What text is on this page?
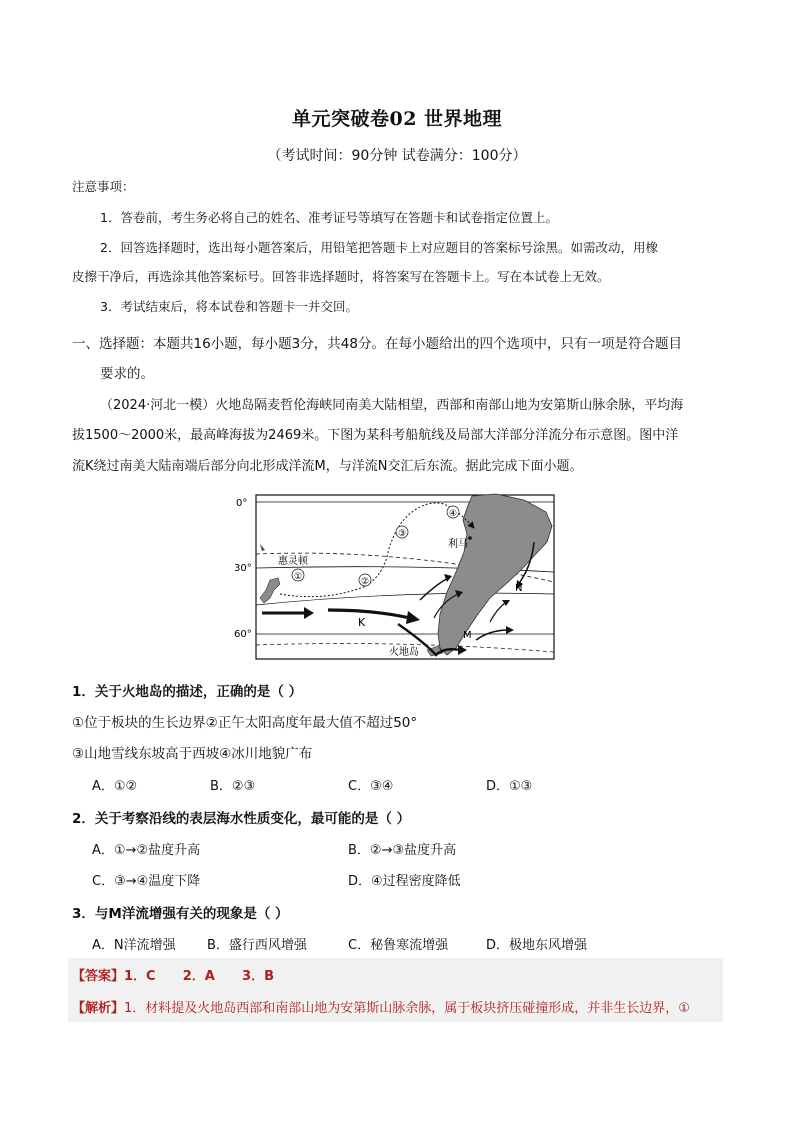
单元突破卷02 世界地理
（考试时间：90分钟 试卷满分：100分）
注意事项：
1．答卷前，考生务必将自己的姓名、准考证号等填写在答题卡和试卷指定位置上。
2．回答选择题时，选出每小题答案后，用铅笔把答题卡上对应题目的答案标号涂黑。如需改动，用橡
皮擦干净后，再选涂其他答案标号。回答非选择题时，将答案写在答题卡上。写在本试卷上无效。
3．考试结束后，将本试卷和答题卡一并交回。
一、选择题：本题共16小题，每小题3分，共48分。在每小题给出的四个选项中，只有一项是符合题目
要求的。
（2024·河北一模）火地岛隔麦哲伦海峡同南美大陆相望，西部和南部山地为安第斯山脉余脉，平均海
拔1500～2000米，最高峰海拔为2469米。下图为某科考船航线及局部大洋部分洋流分布示意图。图中洋
流K绕过南美大陆南端后部分向北形成洋流M，与洋流N交汇后东流。据此完成下面小题。
0°
30°
60°
①	②
③
④
惠灵顿
利马
火地岛
K
M
N
1．关于火地岛的描述，正确的是（ ）
①位于板块的生长边界②正午太阳高度年最大值不超过50°
③山地雪线东坡高于西坡④冰川地貌广布
A．①②	B．②③	C．③④	D．①③
2．关于考察沿线的表层海水性质变化，最可能的是（ ）
A．①→②盐度升高	B．②→③盐度升高
C．③→④温度下降	D．④过程密度降低
3．与M洋流增强有关的现象是（ ）
A．N洋流增强 B．盛行西风增强	C．秘鲁寒流增强	D．极地东风增强
【答案】1．C      2．A      3．B
【解析】1．材料提及火地岛西部和南部山地为安第斯山脉余脉，属于板块挤压碰撞形成，并非生长边界，①
